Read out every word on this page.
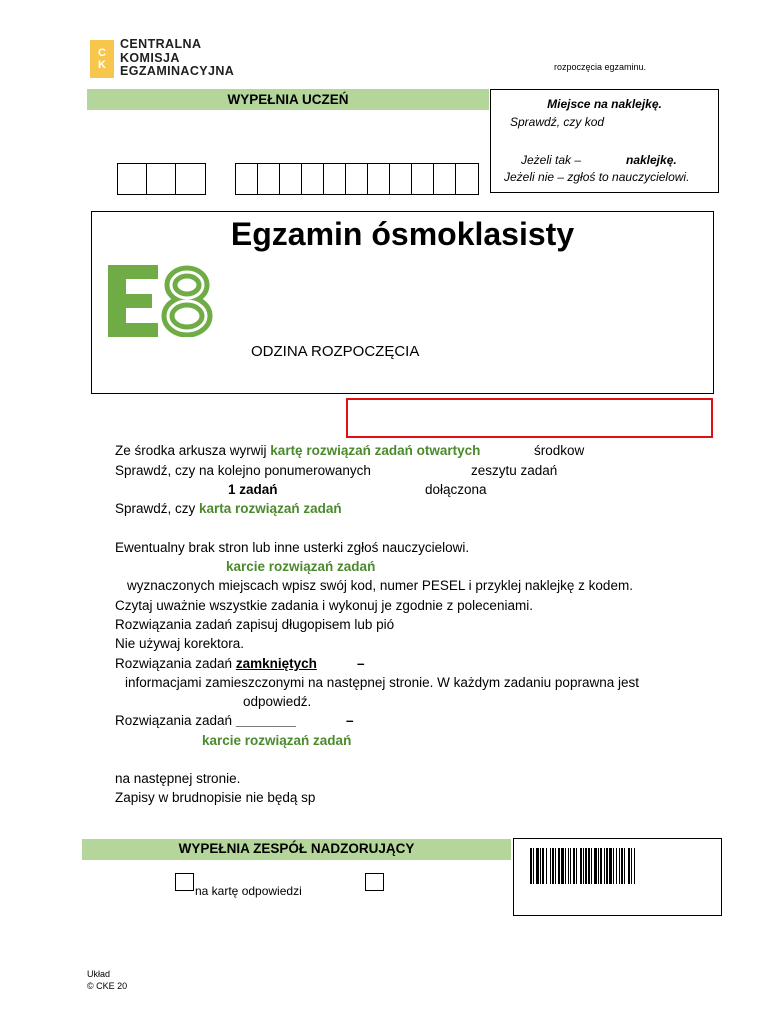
C
K
CENTRALNA
KOMISJA
EGZAMINACYJNA	rozpoczęcia egzaminu.
WYPEŁNIA UCZEŃ	Miejsce na naklejkę.
Sprawdź, czy kod
Jeżeli tak –	naklejkę.
Jeżeli nie – zgłoś to nauczycielowi.
Egzamin ósmoklasisty
ODZINA ROZPOCZĘCIA
Ze środka arkusza wyrwij kartę rozwiązań zadań otwartych	środkow
Sprawdź, czy na kolejno ponumerowanych	zeszytu zadań
1 zadań	dołączona
Sprawdź, czy karta rozwiązań zadań
Ewentualny brak stron lub inne usterki zgłoś nauczycielowi.
karcie rozwiązań zadań
wyznaczonych miejscach wpisz swój kod, numer PESEL i przyklej naklejkę z kodem.
Czytaj uważnie wszystkie zadania i wykonuj je zgodnie z poleceniami.
Rozwiązania zadań zapisuj długopisem lub pió
Nie używaj korektora.
Rozwiązania zadań zamkniętych	–
informacjami zamieszczonymi na następnej stronie. W każdym zadaniu poprawna jest
odpowiedź.
Rozwiązania zadań ________	–
karcie rozwiązań zadań
na następnej stronie.
Zapisy w brudnopisie nie będą sp
WYPEŁNIA ZESPÓŁ NADZORUJĄCY
na kartę odpowiedzi
Układ
© CKE 20
